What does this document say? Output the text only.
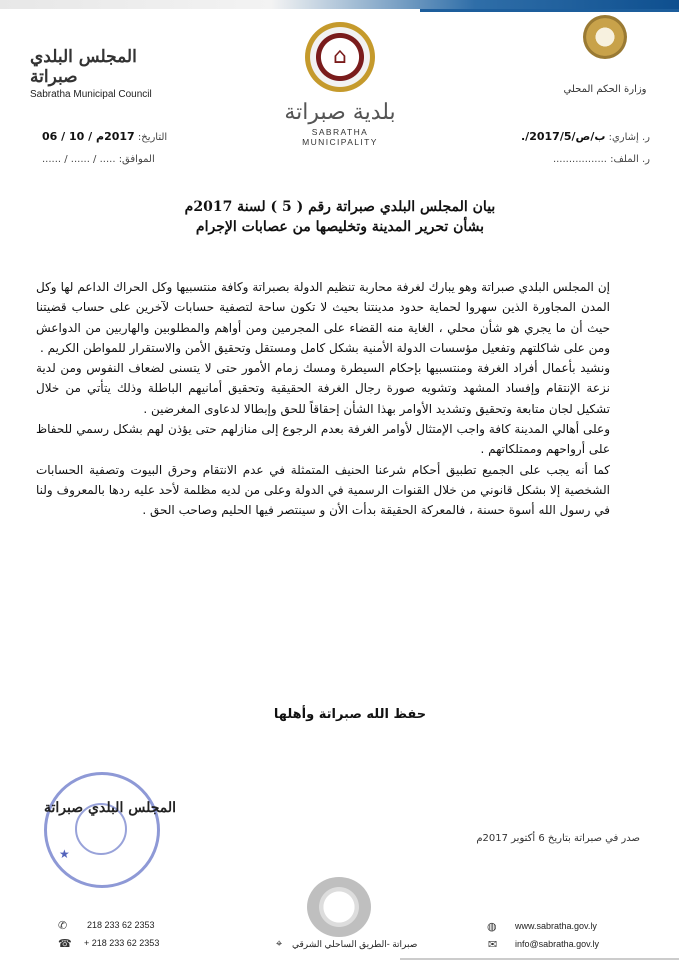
المجلس البلدي صبراتة
Sabratha Municipal Council
⌂
بلدية صبراتة
SABRATHA MUNICIPALITY
وزارة الحكم المحلي
ر. إشاري: ب/ص/2017/5/.
ر. الملف: .................
التاريخ: 2017م / 10 / 06
الموافق: ..... / ...... / ......
بيان المجلس البلدي صبراتة رقم ( 5 ) لسنة 2017م
بشأن تحرير المدينة وتخليصها من عصابات الإجرام

إن المجلس البلدي صبراتة وهو يبارك لغرفة محاربة تنظيم الدولة بصبراتة وكافة منتسبيها وكل الحراك الداعم لها وكل المدن المجاورة الذين سهروا لحماية حدود مدينتنا بحيث لا تكون ساحة لتصفية حسابات لآخرين على حساب قضيتنا حيث أن ما يجري هو شأن محلي ، الغاية منه القضاء على المجرمين ومن أواهم والمطلوبين والهاربين من الدواعش ومن على شاكلتهم وتفعيل مؤسسات الدولة الأمنية بشكل كامل ومستقل وتحقيق الأمن والاستقرار للمواطن الكريم .

ونشيد بأعمال أفراد الغرفة ومنتسبيها بإحكام السيطرة ومسك زمام الأمور حتى لا يتسنى لضعاف النفوس ومن لدية نزعة الإنتقام وإفساد المشهد وتشويه صورة رجال الغرفة الحقيقية وتحقيق أمانيهم الباطلة وذلك يتأتي من خلال تشكيل لجان متابعة وتحقيق وتشديد الأوامر بهذا الشأن إحقاقاً للحق وإبطالا لدعاوى المغرضين .

وعلى أهالي المدينة كافة واجب الإمتثال لأوامر الغرفة بعدم الرجوع إلى منازلهم حتى يؤذن لهم بشكل رسمي للحفاظ على أرواحهم وممتلكاتهم .

كما أنه يجب على الجميع تطبيق أحكام شرعنا الحنيف المتمثلة في عدم الانتقام وحرق البيوت وتصفية الحسابات الشخصية إلا بشكل قانوني من خلال القنوات الرسمية في الدولة وعلى من لديه مظلمة لأحد عليه ردها بالمعروف ولنا في رسول الله أسوة حسنة ، فالمعركة الحقيقة بدأت الأن و سينتصر فيها الحليم وصاحب الحق .

حفظ الله صبراتة وأهلها
★
المجلس البلدي صبراتة
صدر في صبراتة بتاريخ 6 أكتوبر 2017م
✆ 218 233 62 2353
☎ + 218 233 62 2353	⌖ صبراتة -الطريق الساحلي الشرقي
◍ www.sabratha.gov.ly
✉ info@sabratha.gov.ly
